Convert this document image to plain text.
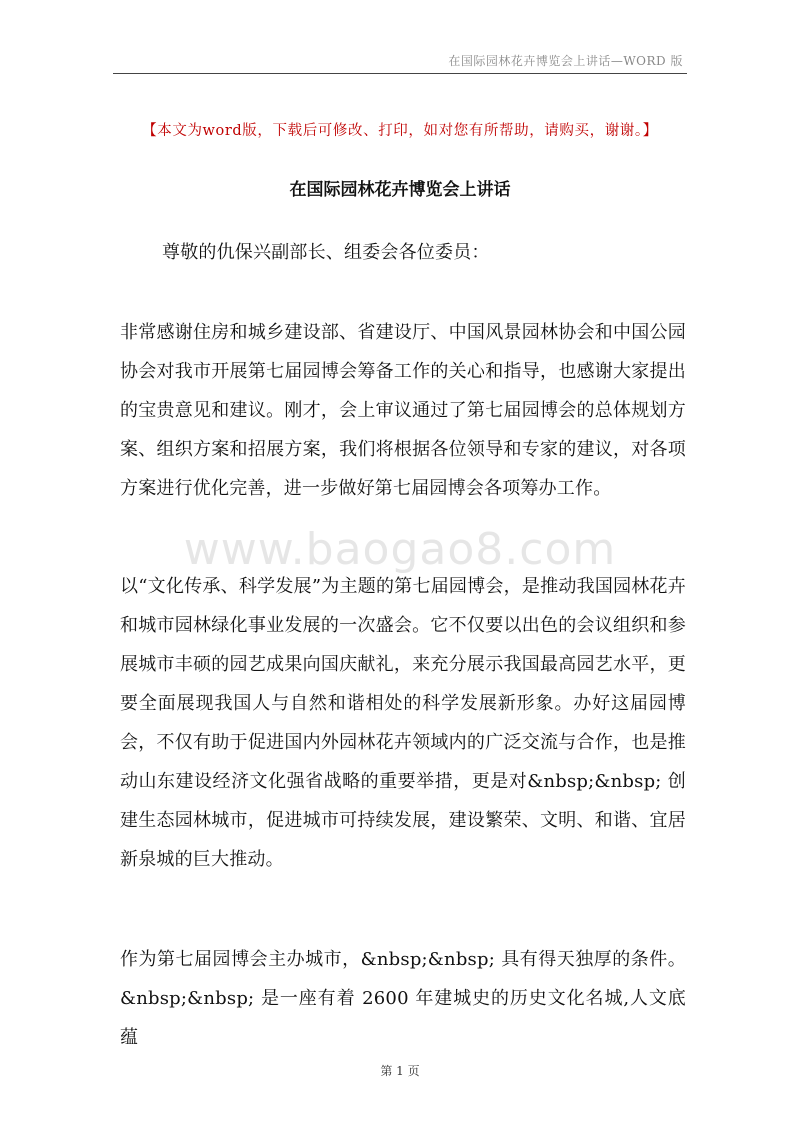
在国际园林花卉博览会上讲话—WORD 版
【本文为word版，下载后可修改、打印，如对您有所帮助，请购买，谢谢。】
在国际园林花卉博览会上讲话
尊敬的仇保兴副部长、组委会各位委员：
非常感谢住房和城乡建设部、省建设厅、中国风景园林协会和中国公园协会对我市开展第七届园博会筹备工作的关心和指导，也感谢大家提出的宝贵意见和建议。刚才，会上审议通过了第七届园博会的总体规划方案、组织方案和招展方案，我们将根据各位领导和专家的建议，对各项方案进行优化完善，进一步做好第七届园博会各项筹办工作。
www.baogao8.com
以“文化传承、科学发展”为主题的第七届园博会，是推动我国园林花卉和城市园林绿化事业发展的一次盛会。它不仅要以出色的会议组织和参展城市丰硕的园艺成果向国庆献礼，来充分展示我国最高园艺水平，更要全面展现我国人与自然和谐相处的科学发展新形象。办好这届园博会，不仅有助于促进国内外园林花卉领域内的广泛交流与合作，也是推动山东建设经济文化强省战略的重要举措，更是对&nbsp;&nbsp; 创建生态园林城市，促进城市可持续发展，建设繁荣、文明、和谐、宜居新泉城的巨大推动。
作为第七届园博会主办城市，&nbsp;&nbsp; 具有得天独厚的条件。&nbsp;&nbsp; 是一座有着 2600 年建城史的历史文化名城,人文底蕴
第 1 页
